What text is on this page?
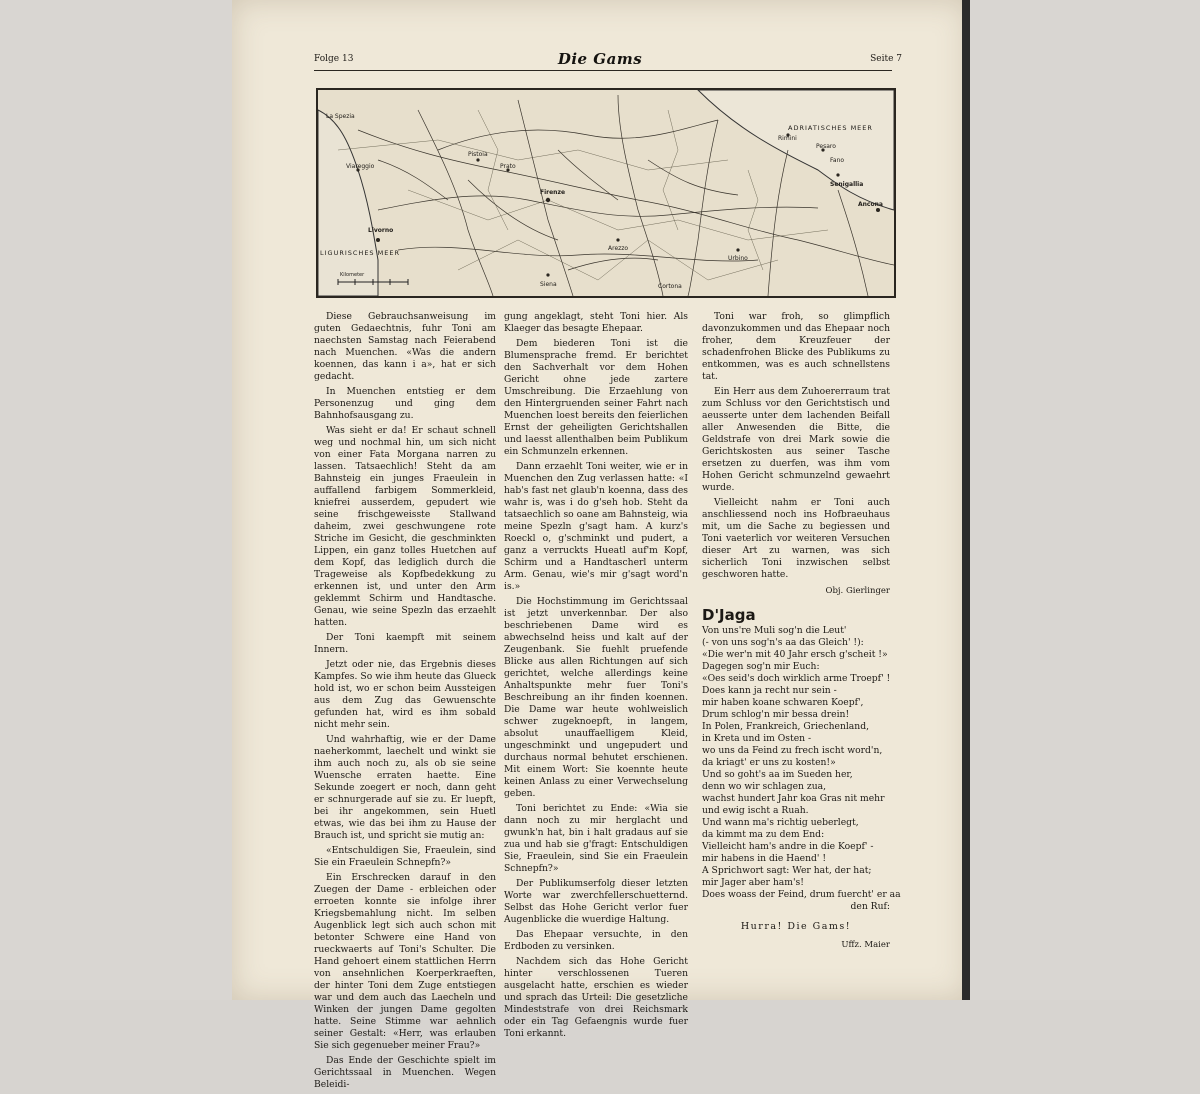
Folge 13	Die Gams	Seite 7
ADRIATISCHES MEER
LIGURISCHES MEER
Kilometer
Livorno
Firenze
Pistoia
Prato
Arezzo
Siena
Ancona
Rimini
Pesaro
Fano
Urbino
Viareggio
Senigallia
La Spezia
Cortona

Diese Gebrauchsanweisung im guten Gedaechtnis, fuhr Toni am naechsten Samstag nach Feierabend nach Muenchen. «Was die andern koennen, das kann i a», hat er sich gedacht.

In Muenchen entstieg er dem Personenzug und ging dem Bahnhofsausgang zu.

Was sieht er da! Er schaut schnell weg und nochmal hin, um sich nicht von einer Fata Morgana narren zu lassen. Tatsaechlich! Steht da am Bahnsteig ein junges Fraeulein in auffallend farbigem Sommerkleid, kniefrei ausserdem, gepudert wie seine frischgeweisste Stallwand daheim, zwei geschwungene rote Striche im Gesicht, die geschminkten Lippen, ein ganz tolles Huetchen auf dem Kopf, das lediglich durch die Trageweise als Kopfbedekkung zu erkennen ist, und unter den Arm geklemmt Schirm und Handtasche. Genau, wie seine Spezln das erzaehlt hatten.

Der Toni kaempft mit seinem Innern.

Jetzt oder nie, das Ergebnis dieses Kampfes. So wie ihm heute das Glueck hold ist, wo er schon beim Aussteigen aus dem Zug das Gewuenschte gefunden hat, wird es ihm sobald nicht mehr sein.

Und wahrhaftig, wie er der Dame naeherkommt, laechelt und winkt sie ihm auch noch zu, als ob sie seine Wuensche erraten haette. Eine Sekunde zoegert er noch, dann geht er schnurgerade auf sie zu. Er luepft, bei ihr angekommen, sein Huetl etwas, wie das bei ihm zu Hause der Brauch ist, und spricht sie mutig an:

«Entschuldigen Sie, Fraeulein, sind Sie ein Fraeulein Schnepfn?»

Ein Erschrecken darauf in den Zuegen der Dame - erbleichen oder erroeten konnte sie infolge ihrer Kriegsbemahlung nicht. Im selben Augenblick legt sich auch schon mit betonter Schwere eine Hand von rueckwaerts auf Toni's Schulter. Die Hand gehoert einem stattlichen Herrn von ansehnlichen Koerperkraeften, der hinter Toni dem Zuge entstiegen war und dem auch das Laecheln und Winken der jungen Dame gegolten hatte. Seine Stimme war aehnlich seiner Gestalt: «Herr, was erlauben Sie sich gegenueber meiner Frau?»

Das Ende der Geschichte spielt im Gerichtssaal in Muenchen. Wegen Beleidi-

gung angeklagt, steht Toni hier. Als Klaeger das besagte Ehepaar.

Dem biederen Toni ist die Blumensprache fremd. Er berichtet den Sachverhalt vor dem Hohen Gericht ohne jede zartere Umschreibung. Die Erzaehlung von den Hintergruenden seiner Fahrt nach Muenchen loest bereits den feierlichen Ernst der geheiligten Gerichtshallen und laesst allenthalben beim Publikum ein Schmunzeln erkennen.

Dann erzaehlt Toni weiter, wie er in Muenchen den Zug verlassen hatte: «I hab's fast net glaub'n koenna, dass des wahr is, was i do g'seh hob. Steht da tatsaechlich so oane am Bahnsteig, wia meine Spezln g'sagt ham. A kurz's Roeckl o, g'schminkt und pudert, a ganz a verruckts Hueatl auf'm Kopf, Schirm und a Handtascherl unterm Arm. Genau, wie's mir g'sagt word'n is.»

Die Hochstimmung im Gerichtssaal ist jetzt unverkennbar. Der also beschriebenen Dame wird es abwechselnd heiss und kalt auf der Zeugenbank. Sie fuehlt pruefende Blicke aus allen Richtungen auf sich gerichtet, welche allerdings keine Anhaltspunkte mehr fuer Toni's Beschreibung an ihr finden koennen. Die Dame war heute wohlweislich schwer zugeknoepft, in langem, absolut unauffaelligem Kleid, ungeschminkt und ungepudert und durchaus normal behutet erschienen. Mit einem Wort: Sie koennte heute keinen Anlass zu einer Verwechselung geben.

Toni berichtet zu Ende: «Wia sie dann noch zu mir herglacht und gwunk'n hat, bin i halt gradaus auf sie zua und hab sie g'fragt: Entschuldigen Sie, Fraeulein, sind Sie ein Fraeulein Schnepfn?»

Der Publikumserfolg dieser letzten Worte war zwerchfellerschuetternd. Selbst das Hohe Gericht verlor fuer Augenblicke die wuerdige Haltung.

Das Ehepaar versuchte, in den Erdboden zu versinken.

Nachdem sich das Hohe Gericht hinter verschlossenen Tueren ausgelacht hatte, erschien es wieder und sprach das Urteil: Die gesetzliche Mindeststrafe von drei Reichsmark oder ein Tag Gefaengnis wurde fuer Toni erkannt.

Toni war froh, so glimpflich davonzukommen und das Ehepaar noch froher, dem Kreuzfeuer der schadenfrohen Blicke des Publikums zu entkommen, was es auch schnellstens tat.

Ein Herr aus dem Zuhoererraum trat zum Schluss vor den Gerichtstisch und aeusserte unter dem lachenden Beifall aller Anwesenden die Bitte, die Geldstrafe von drei Mark sowie die Gerichtskosten aus seiner Tasche ersetzen zu duerfen, was ihm vom Hohen Gericht schmunzelnd gewaehrt wurde.

Vielleicht nahm er Toni auch anschliessend noch ins Hofbraeuhaus mit, um die Sache zu begiessen und Toni vaeterlich vor weiteren Versuchen dieser Art zu warnen, was sich sicherlich Toni inzwischen selbst geschworen hatte.

Obj. Gierlinger
D'Jaga
Von uns're Muli sog'n die Leut'
(- von uns sog'n's aa das Gleich' !):
«Die wer'n mit 40 Jahr ersch g'scheit !»
Dagegen sog'n mir Euch:
«Oes seid's doch wirklich arme Troepf' !
Does kann ja recht nur sein -
mir haben koane schwaren Koepf',
Drum schlog'n mir bessa drein!
In Polen, Frankreich, Griechenland,
in Kreta und im Osten -
wo uns da Feind zu frech ischt word'n,
da kriagt' er uns zu kosten!»
Und so goht's aa im Sueden her,
denn wo wir schlagen zua,
wachst hundert Jahr koa Gras nit mehr
und ewig ischt a Ruah.
Und wann ma's richtig ueberlegt,
da kimmt ma zu dem End:
Vielleicht ham's andre in die Koepf' -
mir habens in die Haend' !
A Sprichwort sagt: Wer hat, der hat;
mir Jager aber ham's!
Does woass der Feind, drum fuercht' er aa
den Ruf:
Hurra! Die Gams!
Uffz. Maier
